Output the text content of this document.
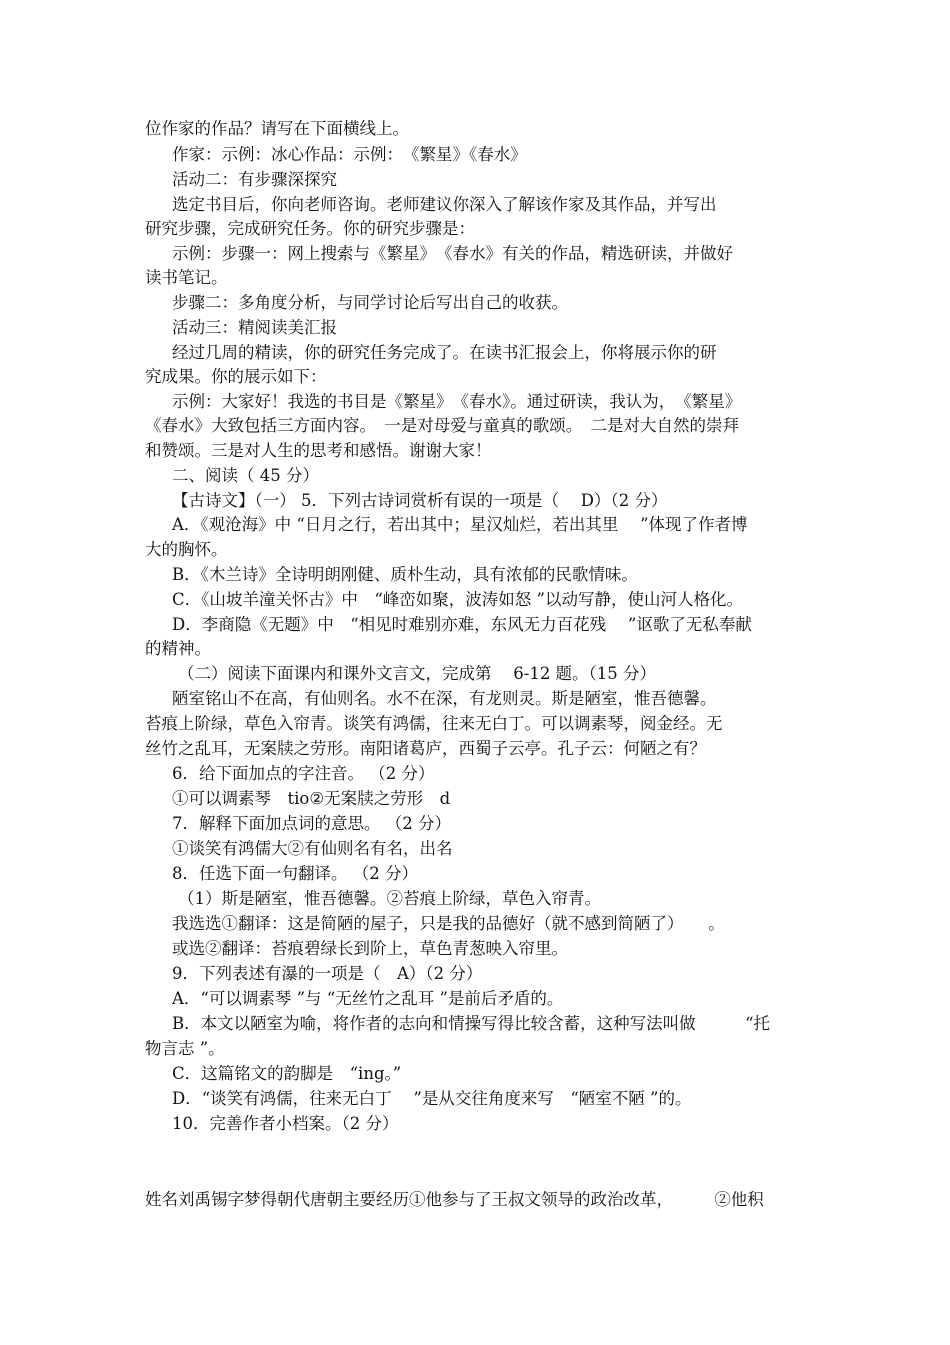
位作家的作品？请写在下面横线上。
作家：示例：冰心作品：示例：　《繁星》《春水》
活动二：有步骤深探究
选定书目后，你向老师咨询。老师建议你深入了解该作家及其作品，并写出
研究步骤，完成研究任务。你的研究步骤是：
示例：步骤一：网上搜索与《繁星》　《春水》有关的作品，精选研读，并做好
读书笔记。
步骤二：多角度分析，与同学讨论后写出自己的收获。
活动三：精阅读美汇报
经过几周的精读，你的研究任务完成了。在读书汇报会上，你将展示你的研
究成果。你的展示如下：
示例：大家好！我选的书目是《繁星》　《春水》。通过研读，我认为，　《繁星》
《春水》大致包括三方面内容。　一是对母爱与童真的歌颂。　二是对大自然的崇拜
和赞颂。三是对人生的思考和感悟。谢谢大家！
二、阅读（ 45 分）
【古诗文】（一） 5．下列古诗词赏析有误的一项是（　 D）（2 分）
A．《观沧海》中 “日月之行，若出其中；星汉灿烂，若出其里　 ”体现了作者博
大的胸怀。
B．《木兰诗》全诗明朗刚健、质朴生动，具有浓郁的民歌情味。
C．《山坡羊潼关怀古》中　“峰峦如聚，波涛如怒 ”以动写静，使山河人格化。
D．李商隐《无题》中　“相见时难别亦难，东风无力百花残　 ”讴歌了无私奉献
的精神。
（二）阅读下面课内和课外文言文，完成第　 6-12 题。（15 分）
陋室铭山不在高，有仙则名。水不在深，有龙则灵。斯是陋室，惟吾德馨。
苔痕上阶绿，草色入帘青。谈笑有鸿儒，往来无白丁。可以调素琴，阅金经。无
丝竹之乱耳，无案牍之劳形。南阳诸葛庐，西蜀子云亭。孔子云：何陋之有？
6．给下面加点的字注音。 （2 分）
①可以调素琴　tio②无案牍之劳形　d
7．解释下面加点词的意思。 （2 分）
①谈笑有鸿儒大②有仙则名有名，出名
8．任选下面一句翻译。 （2 分）
（1）斯是陋室，惟吾德馨。②苔痕上阶绿，草色入帘青。
我选选①翻译：这是简陋的屋子，只是我的品德好（就不感到简陋了）　　。
或选②翻译：苔痕碧绿长到阶上，草色青葱映入帘里。
9．下列表述有瀑的一项是（　A）（2 分）
A．“可以调素琴 ”与 “无丝竹之乱耳 ”是前后矛盾的。
B．本文以陋室为喻，将作者的志向和情操写得比较含蓄，这种写法叫做　　　“托
物言志 ”。
C．这篇铭文的韵脚是　“ing。”
D．“谈笑有鸿儒，往来无白丁　 ”是从交往角度来写　“陋室不陋 ”的。
10．完善作者小档案。（2 分）
姓名刘禹锡字梦得朝代唐朝主要经历①他参与了王叔文领导的政治改革，　　　②他积
